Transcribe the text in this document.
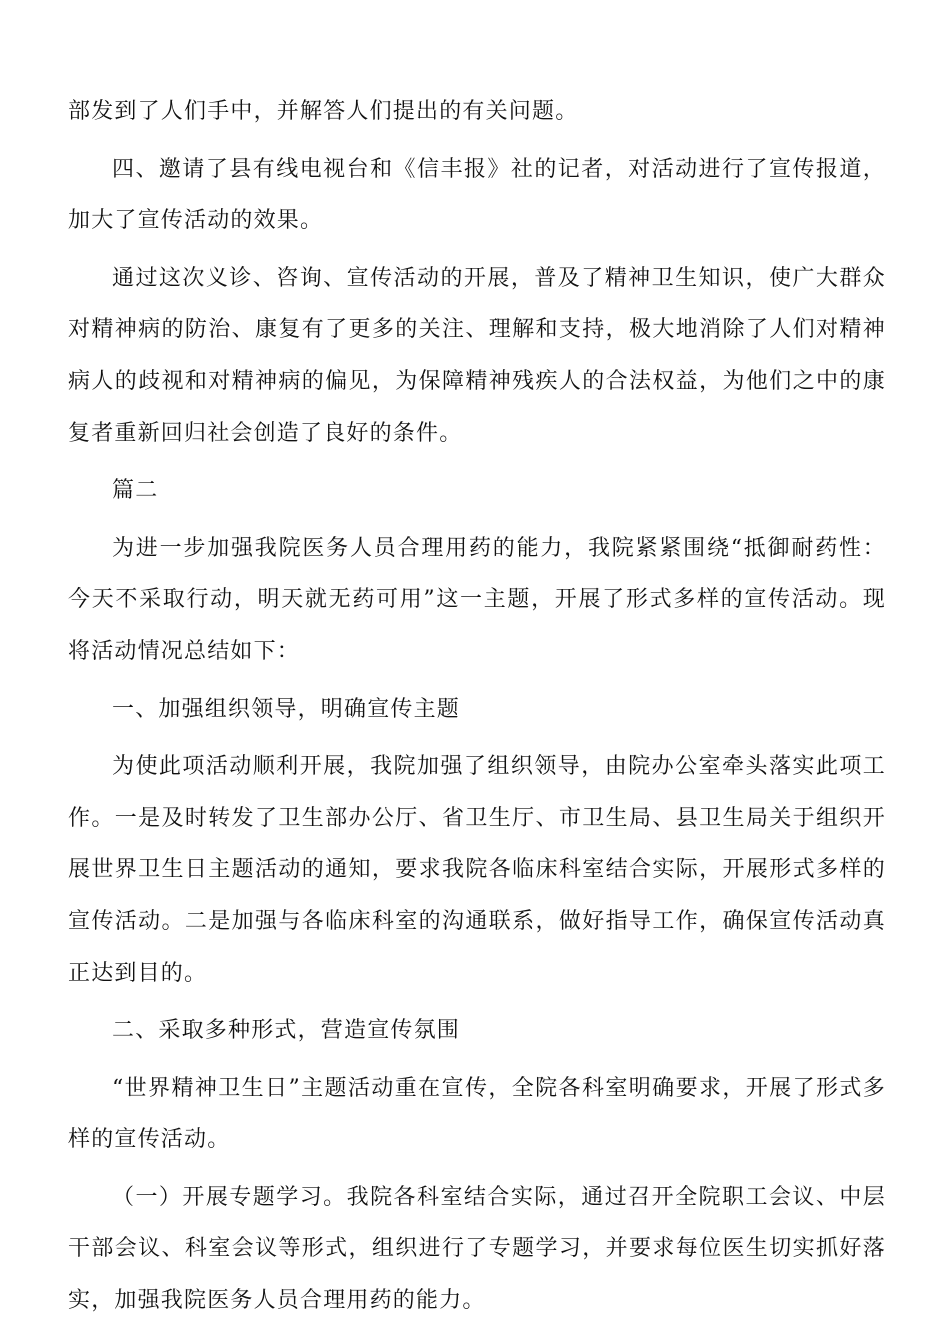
部发到了人们手中，并解答人们提出的有关问题。

四、邀请了县有线电视台和《信丰报》社的记者，对活动进行了宣传报道，加大了宣传活动的效果。

通过这次义诊、咨询、宣传活动的开展，普及了精神卫生知识，使广大群众对精神病的防治、康复有了更多的关注、理解和支持，极大地消除了人们对精神病人的歧视和对精神病的偏见，为保障精神残疾人的合法权益，为他们之中的康复者重新回归社会创造了良好的条件。

篇二

为进一步加强我院医务人员合理用药的能力，我院紧紧围绕“抵御耐药性：今天不采取行动，明天就无药可用”这一主题，开展了形式多样的宣传活动。现将活动情况总结如下：

一、加强组织领导，明确宣传主题

为使此项活动顺利开展，我院加强了组织领导，由院办公室牵头落实此项工作。一是及时转发了卫生部办公厅、省卫生厅、市卫生局、县卫生局关于组织开展世界卫生日主题活动的通知，要求我院各临床科室结合实际，开展形式多样的宣传活动。二是加强与各临床科室的沟通联系，做好指导工作，确保宣传活动真正达到目的。

二、采取多种形式，营造宣传氛围

“世界精神卫生日”主题活动重在宣传，全院各科室明确要求，开展了形式多样的宣传活动。

（一）开展专题学习。我院各科室结合实际，通过召开全院职工会议、中层干部会议、科室会议等形式，组织进行了专题学习，并要求每位医生切实抓好落实，加强我院医务人员合理用药的能力。
